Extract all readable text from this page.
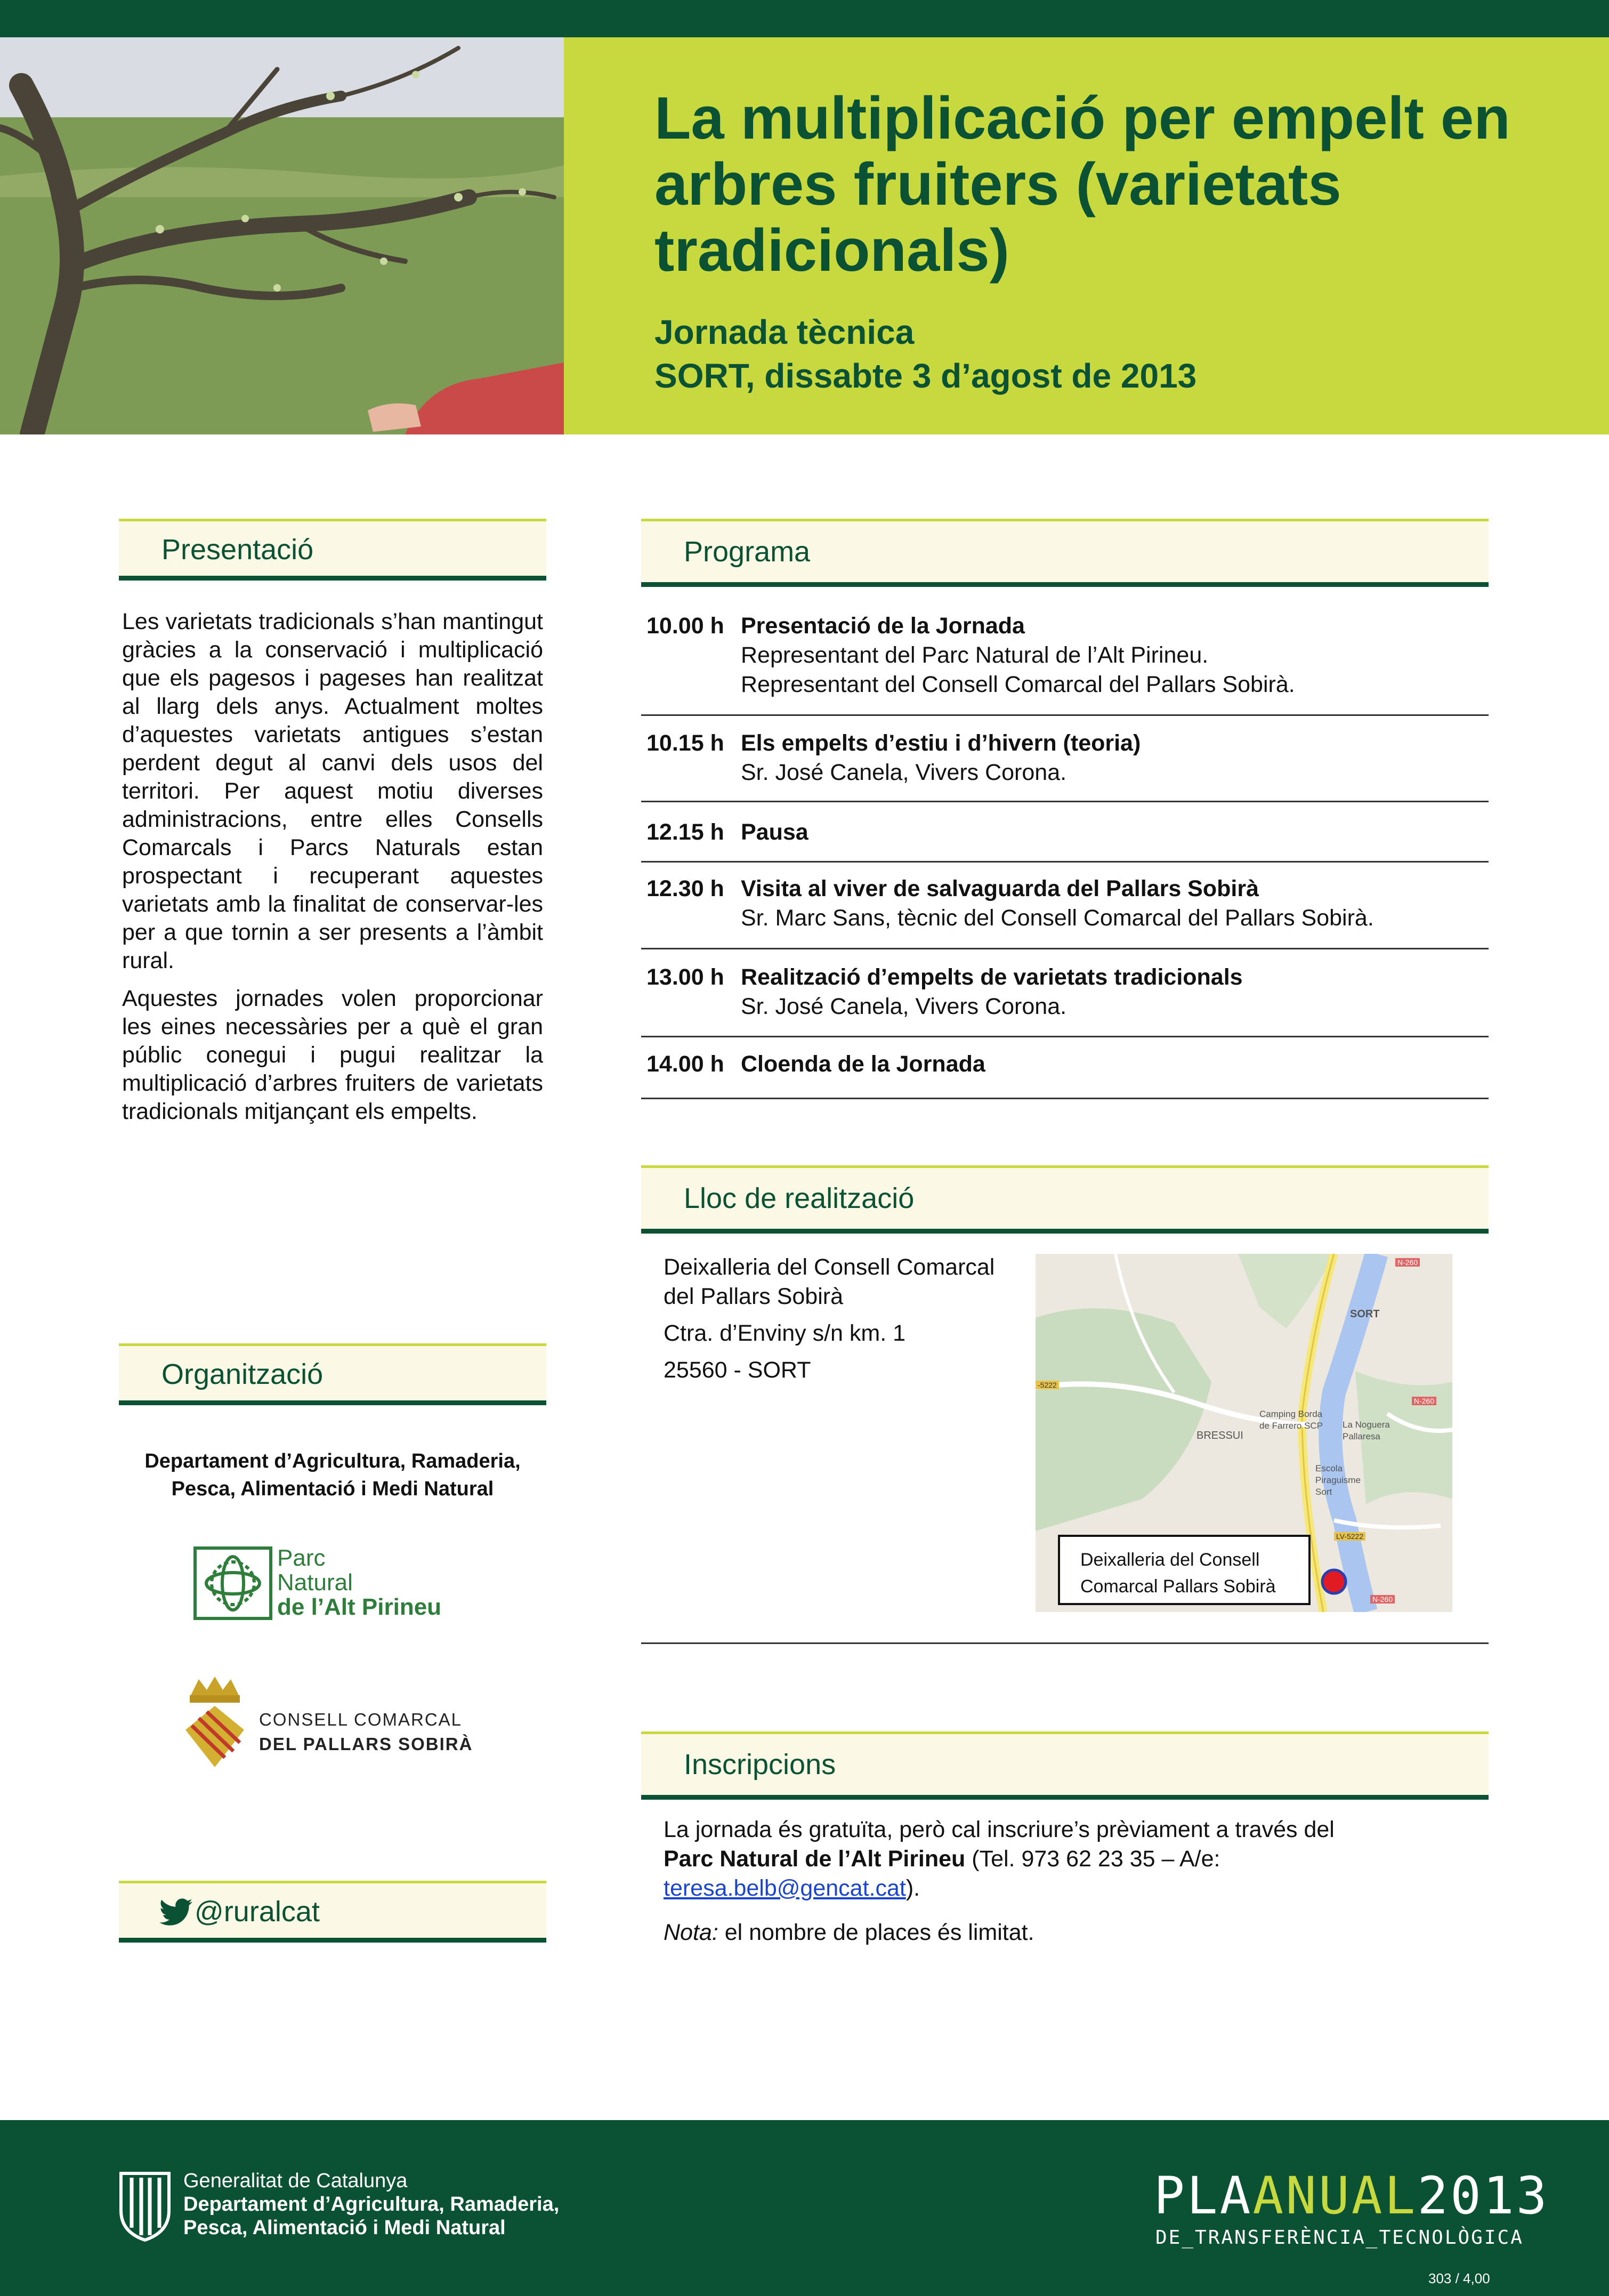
La multiplicació per empelt en arbres fruiters (varietats tradicionals)
Jornada tècnica
SORT, dissabte 3 d’agost de 2013
Presentació

Les varietats tradicionals s’han mantingut gràcies a la conservació i multiplicació que els pagesos i pageses han realitzat al llarg dels anys. Actualment moltes d’aquestes varietats antigues s’estan perdent degut al canvi dels usos del territori. Per aquest motiu diverses administracions, entre elles Consells Comarcals i Parcs Naturals estan prospectant i recuperant aquestes varietats amb la finalitat de conservar-les per a que tornin a ser presents a l’àmbit rural.

Aquestes jornades volen proporcionar les eines necessàries per a què el gran públic conegui i pugui realitzar la multiplicació d’arbres fruiters de varietats tradicionals mitjançant els empelts.

Organització
Departament d’Agricultura, Ramaderia,
Pesca, Alimentació i Medi Natural
Parc
Natural
de l’Alt Pirineu
CONSELL COMARCAL
DEL PALLARS SOBIRÀ
@ruralcat
Programa
10.00 h Presentació de la Jornada
Representant del Parc Natural de l’Alt Pirineu.
Representant del Consell Comarcal del Pallars Sobirà.
10.15 h Els empelts d’estiu i d’hivern (teoria)
Sr. José Canela, Vivers Corona.
12.15 h Pausa
12.30 h Visita al viver de salvaguarda del Pallars Sobirà
Sr. Marc Sans, tècnic del Consell Comarcal del Pallars Sobirà.
13.00 h Realització d’empelts de varietats tradicionals
Sr. José Canela, Vivers Corona.
14.00 h Cloenda de la Jornada
Lloc de realització
Deixalleria del Consell Comarcal
del Pallars Sobirà
Ctra. d’Enviny s/n km. 1
25560 - SORT
SORT
BRESSUI
Camping Borda de Farrero SCP	La Noguera Pallaresa
Escola Piraguisme Sort
N-260
N-260
LV-5222
-5222
N-260
Deixalleria del Consell
Comarcal Pallars Sobirà
Inscripcions
La jornada és gratuïta, però cal inscriure’s prèviament a través del
Parc Natural de l’Alt Pirineu (Tel. 973 62 23 35 – A/e:
teresa.belb@gencat.cat).
Nota: el nombre de places és limitat.
Generalitat de Catalunya
Departament d’Agricultura, Ramaderia,
Pesca, Alimentació i Medi Natural
PLAANUAL2013
DE_TRANSFERÈNCIA_TECNOLÒGICA
303 / 4,00
